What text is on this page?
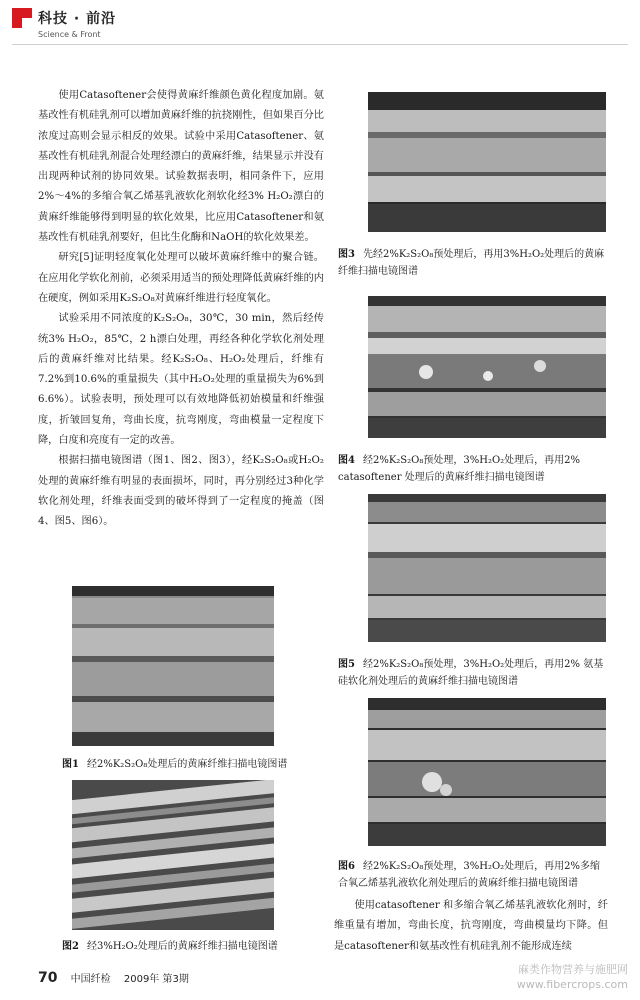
科技 · 前沿
Science & Front

使用Catasoftener会使得黄麻纤维颜色黄化程度加剧。氨基改性有机硅乳剂可以增加黄麻纤维的抗挠刚性，但如果百分比浓度过高则会显示相反的效果。试验中采用Catasoftener、氨基改性有机硅乳剂混合处理经漂白的黄麻纤维，结果显示并没有出现两种试剂的协同效果。试验数据表明，相同条件下，应用2%～4%的多缩合氧乙烯基乳液软化剂软化经3% H₂O₂漂白的黄麻纤维能够得到明显的软化效果，比应用Catasoftener和氨基改性有机硅乳剂要好，但比生化酶和NaOH的软化效果差。

研究[5]证明轻度氧化处理可以破坏黄麻纤维中的聚合链。在应用化学软化剂前，必须采用适当的预处理降低黄麻纤维的内在硬度，例如采用K₂S₂O₈对黄麻纤维进行轻度氧化。

试验采用不同浓度的K₂S₂O₈，30℃，30 min，然后经传统3% H₂O₂，85℃，2 h漂白处理，再经各种化学软化剂处理后的黄麻纤维对比结果。经K₂S₂O₈、H₂O₂处理后，纤维有7.2%到10.6%的重量损失（其中H₂O₂处理的重量损失为6%到6.6%）。试验表明，预处理可以有效地降低初始模量和纤维强度，折皱回复角，弯曲长度，抗弯刚度，弯曲模量一定程度下降，白度和亮度有一定的改善。

根据扫描电镜图谱（图1、图2、图3），经K₂S₂O₈或H₂O₂处理的黄麻纤维有明显的表面损坏，同时，再分别经过3种化学软化剂处理，纤维表面受到的破坏得到了一定程度的掩盖（图4、图5、图6）。

图1 经2%K₂S₂O₈处理后的黄麻纤维扫描电镜图谱
图2 经3%H₂O₂处理后的黄麻纤维扫描电镜图谱
图3 先经2%K₂S₂O₈预处理后，再用3%H₂O₂处理后的黄麻纤维扫描电镜图谱
图4 经2%K₂S₂O₈预处理，3%H₂O₂处理后，再用2% catasoftener 处理后的黄麻纤维扫描电镜图谱
图5 经2%K₂S₂O₈预处理，3%H₂O₂处理后，再用2% 氨基硅软化剂处理后的黄麻纤维扫描电镜图谱
图6 经2%K₂S₂O₈预处理，3%H₂O₂处理后，再用2%多缩合氧乙烯基乳液软化剂处理后的黄麻纤维扫描电镜图谱

使用catasoftener 和多缩合氧乙烯基乳液软化剂时，纤维重量有增加，弯曲长度，抗弯刚度，弯曲模量均下降。但是catasoftener和氨基改性有机硅乳剂不能形成连续

70 中国纤检 2009年 第3期
麻类作物营养与施肥网
www.fibercrops.com
